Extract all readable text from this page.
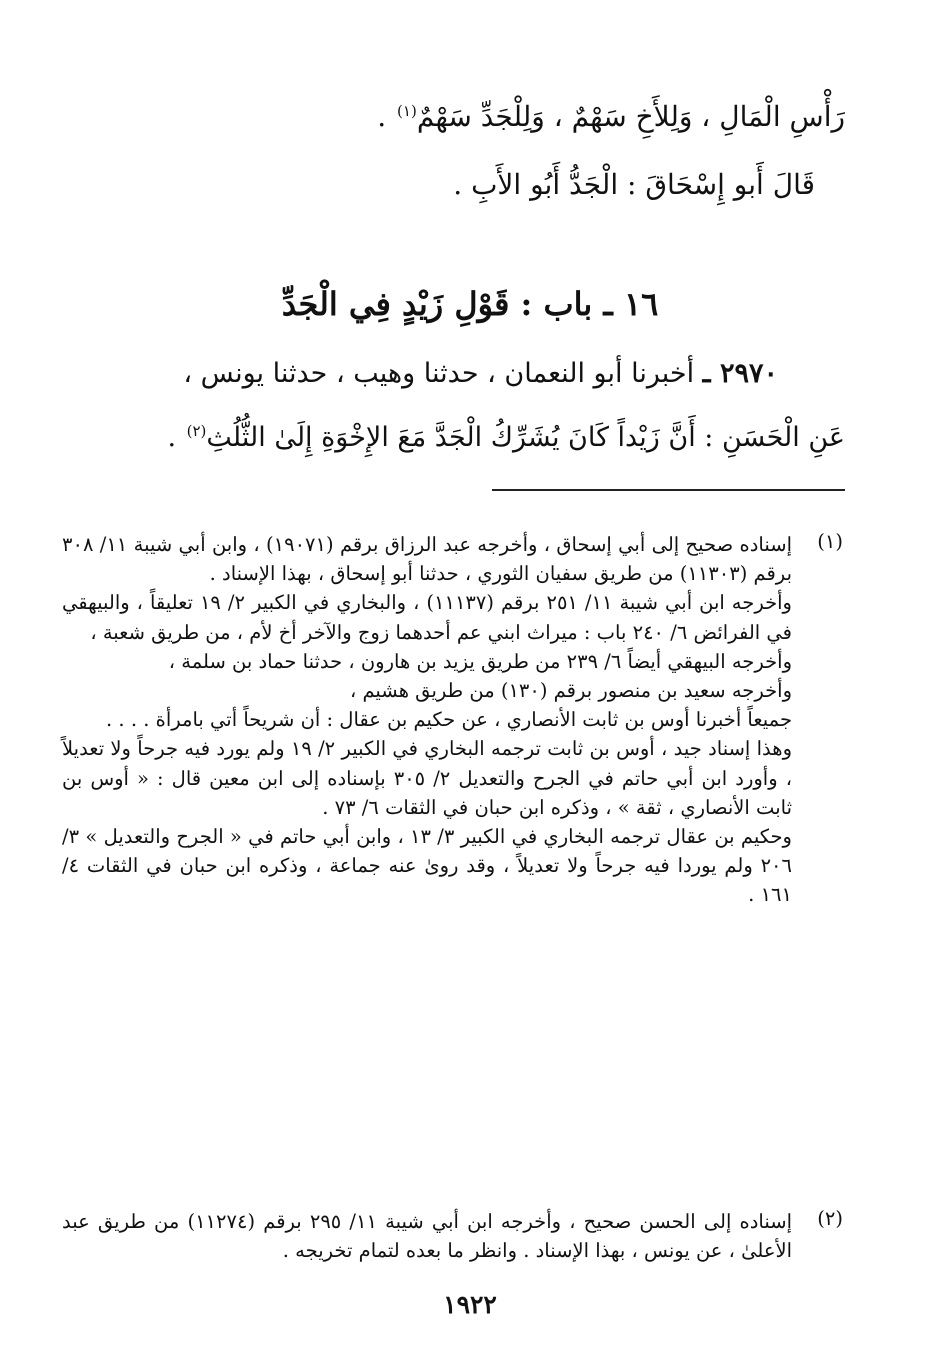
رَأْسِ الْمَالِ ، وَلِلأَخِ سَهْمٌ ، وَلِلْجَدِّ سَهْمٌ$^{(١)}$ .
قَالَ أَبو إِسْحَاقَ : الْجَدُّ أَبُو الأَبِ .
١٦ ـ باب : قَوْلِ زَيْدٍ فِي الْجَدِّ
٢٩٧٠ ـ أخبرنا أبو النعمان ، حدثنا وهيب ، حدثنا يونس ،
عَنِ الْحَسَنِ : أَنَّ زَيْداً كَانَ يُشَرِّكُ الْجَدَّ مَعَ الإِخْوَةِ إِلَىٰ الثُّلُثِ$^{(٢)}$ .
(١)
إسناده صحيح إلى أبي إسحاق ، وأخرجه عبد الرزاق برقم (١٩٠٧١) ، وابن أبي شيبة ١١/ ٣٠٨ برقم (١١٣٠٣) من طريق سفيان الثوري ، حدثنا أبو إسحاق ، بهذا الإسناد .
وأخرجه ابن أبي شيبة ١١/ ٢٥١ برقم (١١١٣٧) ، والبخاري في الكبير ٢/ ١٩ تعليقاً ، والبيهقي في الفرائض ٦/ ٢٤٠ باب : ميراث ابني عم أحدهما زوج والآخر أخ لأم ، من طريق شعبة ،
وأخرجه البيهقي أيضاً ٦/ ٢٣٩ من طريق يزيد بن هارون ، حدثنا حماد بن سلمة ،
وأخرجه سعيد بن منصور برقم (١٣٠) من طريق هشيم ،
جميعاً أخبرنا أوس بن ثابت الأنصاري ، عن حكيم بن عقال : أن شريحاً أتي بامرأة . . . .
وهذا إسناد جيد ، أوس بن ثابت ترجمه البخاري في الكبير ٢/ ١٩ ولم يورد فيه جرحاً ولا تعديلاً ، وأورد ابن أبي حاتم في الجرح والتعديل ٢/ ٣٠٥ بإسناده إلى ابن معين قال : « أوس بن ثابت الأنصاري ، ثقة » ، وذكره ابن حبان في الثقات ٦/ ٧٣ .
وحكيم بن عقال ترجمه البخاري في الكبير ٣/ ١٣ ، وابن أبي حاتم في « الجرح والتعديل » ٣/ ٢٠٦ ولم يوردا فيه جرحاً ولا تعديلاً ، وقد روىٰ عنه جماعة ، وذكره ابن حبان في الثقات ٤/ ١٦١ .
(٢)
إسناده إلى الحسن صحيح ، وأخرجه ابن أبي شيبة ١١/ ٢٩٥ برقم (١١٢٧٤) من طريق عبد الأعلىٰ ، عن يونس ، بهذا الإسناد . وانظر ما بعده لتمام تخريجه .
١٩٢٢
